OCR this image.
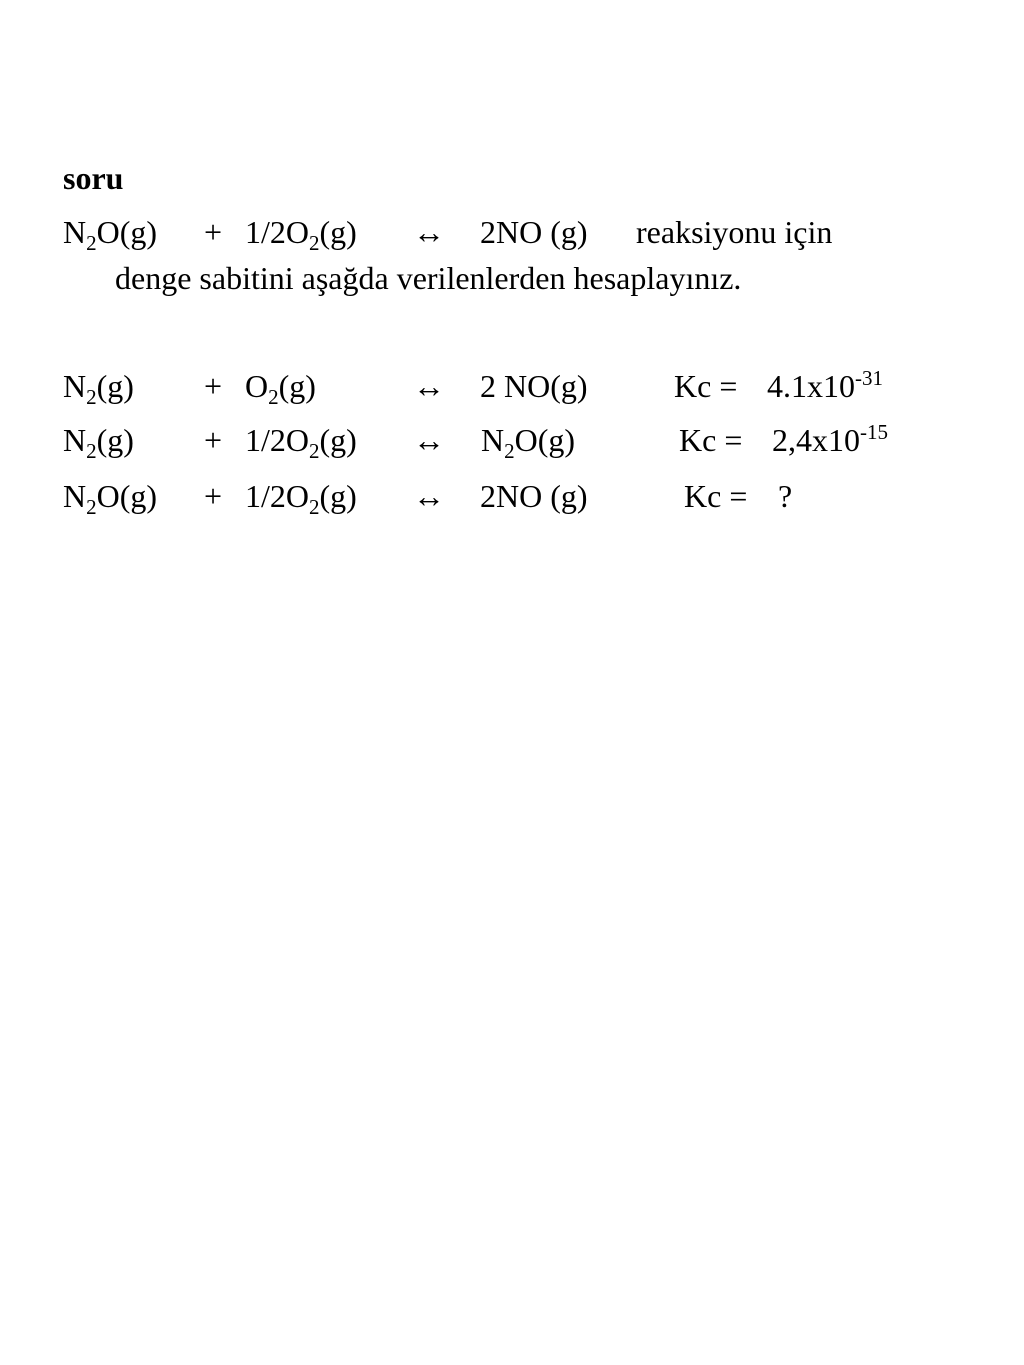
soru
$N_2O(g) + 1/2O_2(g)$ ↔ 2NO (g) reaksiyonu için
denge sabitini aşağda verilenlerden hesaplayınız.
$N_2(g) + O_2(g)$	↔ 2 NO(g)	$Kc = 4.1x10^{-31}$
$N_2(g) + 1/2O_2(g)$ ↔ $N_2O(g)$	$Kc = 2,4x10^{-15}$
$N_2O(g) + 1/2O_2(g)$ ↔ 2NO (g)	Kc = ?
